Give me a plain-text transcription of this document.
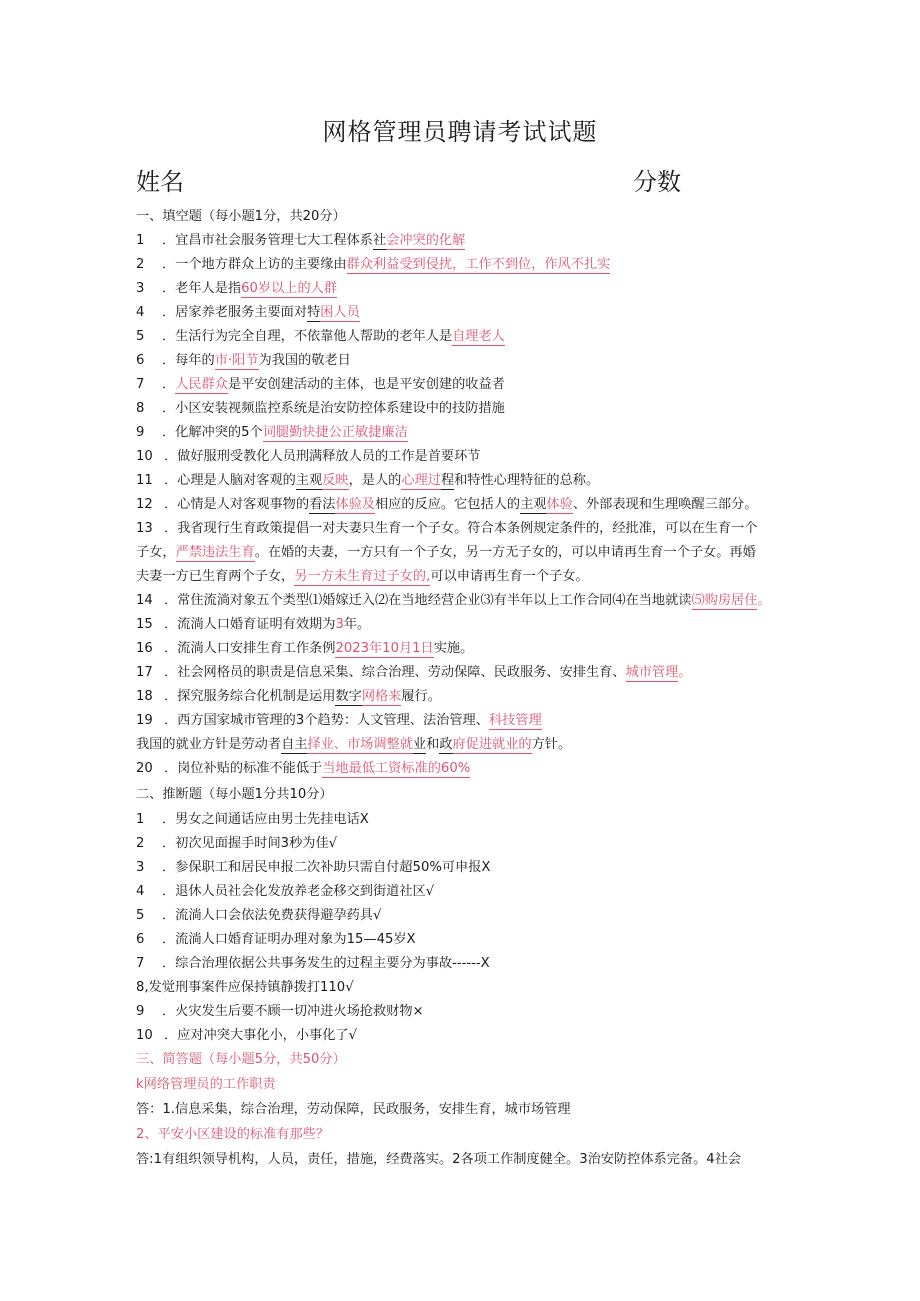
网格管理员聘请考试试题
姓名	分数
一、填空题（每小题1分，共20分）
1 ．宜昌市社会服务管理七大工程体系社会冲突的化解
2 ．一个地方群众上访的主要缘由群众利益受到侵扰，工作不到位，作风不扎实
3 ．老年人是指60岁以上的人群
4 ．居家养老服务主要面对特困人员
5 ．生活行为完全自理，不依靠他人帮助的老年人是自理老人
6 ．每年的市·阳节为我国的敬老日
7 ．人民群众是平安创建活动的主体，也是平安创建的收益者
8 ．小区安装视频监控系统是治安防控体系建设中的技防措施
9 ．化解冲突的5个词腿勤快捷公正敏捷廉洁
10 ．做好服刑受教化人员刑满释放人员的工作是首要环节
11 ．心理是人脑对客观的主观反映，是人的心理过程和特性心理特征的总称。
12 ．心情是人对客观事物的看法体验及相应的反应。它包括人的主观体验、外部表现和生理唤醒三部分。
13 ．我省现行生育政策提倡一对夫妻只生育一个子女。符合本条例规定条件的，经批准，可以在生育一个
子女，严禁违法生育。在婚的夫妻，一方只有一个子女，另一方无子女的，可以申请再生育一个子女。再婚
夫妻一方已生育两个子女，另一方未生育过子女的,可以申请再生育一个子女。
14 ．常住流淌对象五个类型⑴婚嫁迁入⑵在当地经营企业⑶有半年以上工作合同⑷在当地就读⑸购房居住。
15 ．流淌人口婚育证明有效期为3年。
16 ．流淌人口安排生育工作条例2023年10月1日实施。
17 ．社会网格员的职责是信息采集、综合治理、劳动保障、民政服务、安排生育、城市管理。
18 ．探究服务综合化机制是运用数字网格来履行。
19 ．西方国家城市管理的3个趋势：人文管理、法治管理、科技管理
我国的就业方针是劳动者自主择业、市场调整就业和政府促进就业的方针。
20 ．岗位补贴的标准不能低于当地最低工资标准的60%
二、推断题（每小题1分共10分）
1 ．男女之间通话应由男士先挂电话X
2 ．初次见面握手时间3秒为佳√
3 ．参保职工和居民申报二次补助只需自付超50%可申报X
4 ．退休人员社会化发放养老金移交到街道社区√
5 ．流淌人口会依法免费获得避孕药具√
6 ．流淌人口婚育证明办理对象为15—45岁X
7 ．综合治理依据公共事务发生的过程主要分为事故------X
8,发觉刑事案件应保持镇静拨打110√
9 ．火灾发生后要不顾一切冲进火场抢救财物×
10 ．应对冲突大事化小，小事化了√
三、简答题（每小题5分，共50分）
k网络管理员的工作职责
答：1.信息采集，综合治理，劳动保障，民政服务，安排生育，城市场管理
2、平安小区建设的标准有那些？
答:1有组织领导机构，人员，责任，措施，经费落实。2各项工作制度健全。3治安防控体系完备。4社会
